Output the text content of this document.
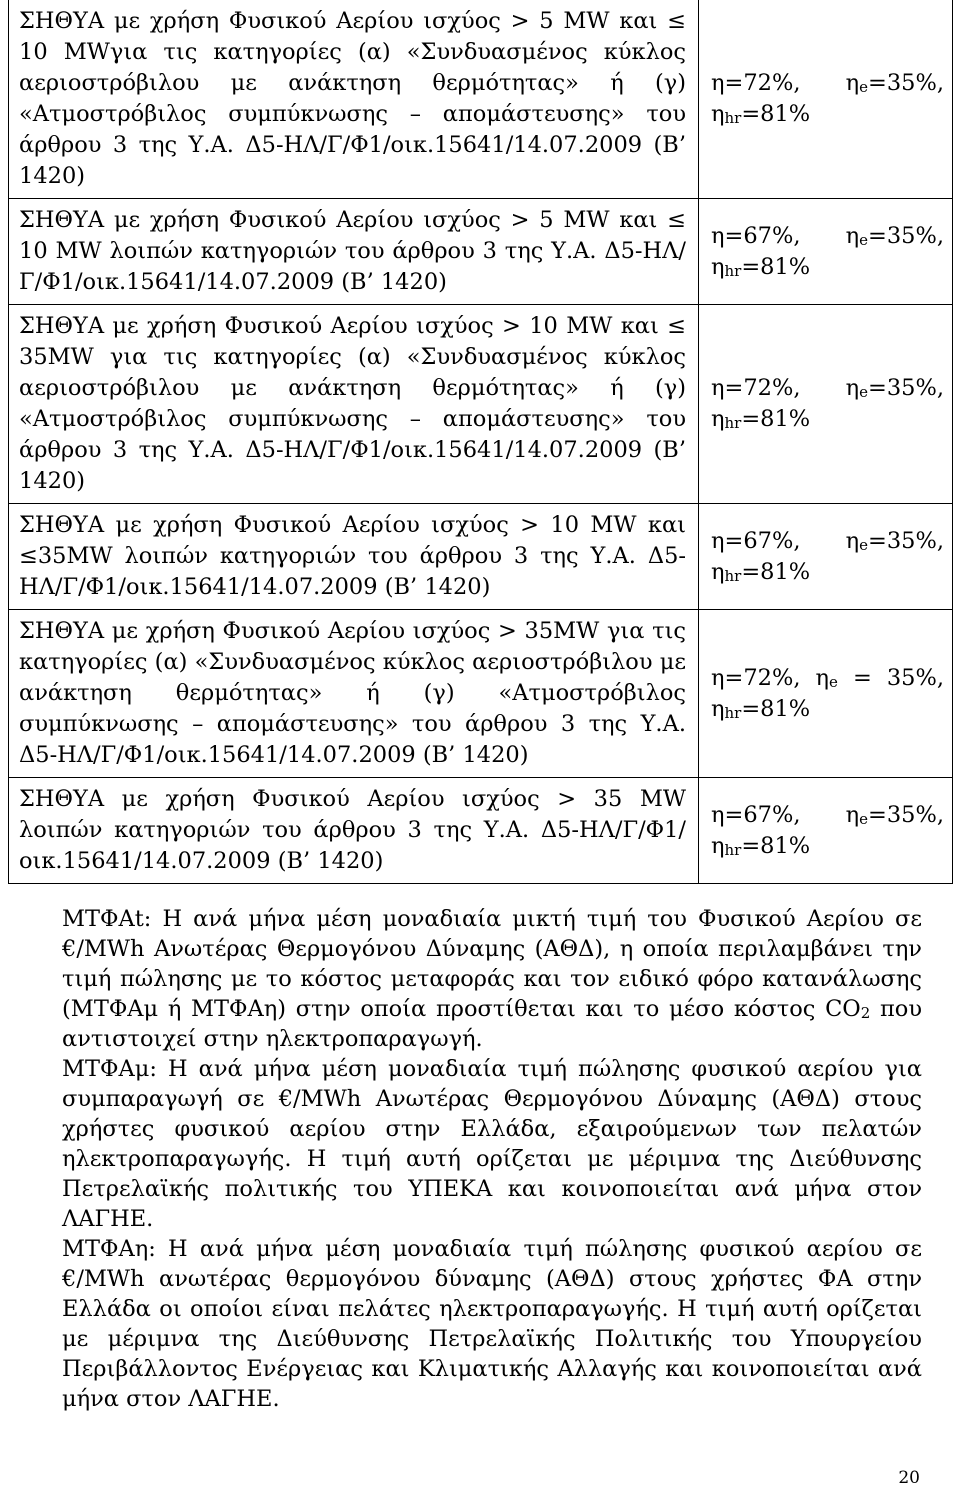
ΣΗΘΥΑ με χρήση Φυσικού Αερίου ισχύος > 5 MW και ≤ 10 MWγια τις κατηγορίες (α) «Συνδυασμένος κύκλος αεριοστρόβιλου με ανάκτηση θερμότητας» ή (γ) «Ατμοστρόβιλος συμπύκνωσης – απομάστευσης» του άρθρου 3 της Υ.Α. Δ5-ΗΛ/Γ/Φ1/οικ.15641/14.07.2009 (Β’ 1420)	η=72%, $\eta_e=35\%$,
$\eta_{hr}=81\%$

ΣΗΘΥΑ με χρήση Φυσικού Αερίου ισχύος > 5 MW και ≤ 10 MW λοιπών κατηγοριών του άρθρου 3 της Υ.Α. Δ5-ΗΛ/Γ/Φ1/οικ.15641/14.07.2009 (Β’ 1420)	η=67%, $\eta_e=35\%$,
$\eta_{hr}=81\%$

ΣΗΘΥΑ με χρήση Φυσικού Αερίου ισχύος > 10 MW και ≤ 35MW για τις κατηγορίες (α) «Συνδυασμένος κύκλος αεριοστρόβιλου με ανάκτηση θερμότητας» ή (γ) «Ατμοστρόβιλος συμπύκνωσης – απομάστευσης» του άρθρου 3 της Υ.Α. Δ5-ΗΛ/Γ/Φ1/οικ.15641/14.07.2009 (Β’ 1420)	η=72%, $\eta_e=35\%$,
$\eta_{hr}=81\%$

ΣΗΘΥΑ με χρήση Φυσικού Αερίου ισχύος > 10 MW και ≤35MW λοιπών κατηγοριών του άρθρου 3 της Υ.Α. Δ5-ΗΛ/Γ/Φ1/οικ.15641/14.07.2009 (Β’ 1420)	η=67%, $\eta_e=35\%$,
$\eta_{hr}=81\%$

ΣΗΘΥΑ με χρήση Φυσικού Αερίου ισχύος > 35MW για τις κατηγορίες (α) «Συνδυασμένος κύκλος αεριοστρόβιλου με ανάκτηση θερμότητας» ή (γ) «Ατμοστρόβιλος συμπύκνωσης – απομάστευσης» του άρθρου 3 της Υ.Α. Δ5-ΗΛ/Γ/Φ1/οικ.15641/14.07.2009 (Β’ 1420)	η=72%, $\eta_e = 35\%$,
$\eta_{hr}=81\%$

ΣΗΘΥΑ με χρήση Φυσικού Αερίου ισχύος > 35 MW λοιπών κατηγοριών του άρθρου 3 της Υ.Α. Δ5-ΗΛ/Γ/Φ1/οικ.15641/14.07.2009 (Β’ 1420)	η=67%, $\eta_e=35\%$,
$\eta_{hr}=81\%$

ΜΤΦΑt: Η ανά μήνα μέση μοναδιαία μικτή τιμή του Φυσικού Αερίου σε €/MWh Ανωτέρας Θερμογόνου Δύναμης (ΑΘΔ), η οποία περιλαμβάνει την τιμή πώλησης με το κόστος μεταφοράς και τον ειδικό φόρο κατανάλωσης (ΜΤΦΑμ ή ΜΤΦΑη) στην οποία προστίθεται και το μέσο κόστος $CO_2$ που αντιστοιχεί στην ηλεκτροπαραγωγή.

ΜΤΦΑμ: Η ανά μήνα μέση μοναδιαία τιμή πώλησης φυσικού αερίου για συμπαραγωγή σε €/MWh Ανωτέρας Θερμογόνου Δύναμης (ΑΘΔ) στους χρήστες φυσικού αερίου στην Ελλάδα, εξαιρούμενων των πελατών ηλεκτροπαραγωγής. Η τιμή αυτή ορίζεται με μέριμνα της Διεύθυνσης Πετρελαϊκής πολιτικής του ΥΠΕΚΑ και κοινοποιείται ανά μήνα στον ΛΑΓΗΕ.

ΜΤΦΑη: Η ανά μήνα μέση μοναδιαία τιμή πώλησης φυσικού αερίου σε €/MWh ανωτέρας θερμογόνου δύναμης (ΑΘΔ) στους χρήστες ΦΑ στην Ελλάδα οι οποίοι είναι πελάτες ηλεκτροπαραγωγής. Η τιμή αυτή ορίζεται με μέριμνα της Διεύθυνσης Πετρελαϊκής Πολιτικής του Υπουργείου Περιβάλλοντος Ενέργειας και Κλιματικής Αλλαγής και κοινοποιείται ανά μήνα στον ΛΑΓΗΕ.

20
